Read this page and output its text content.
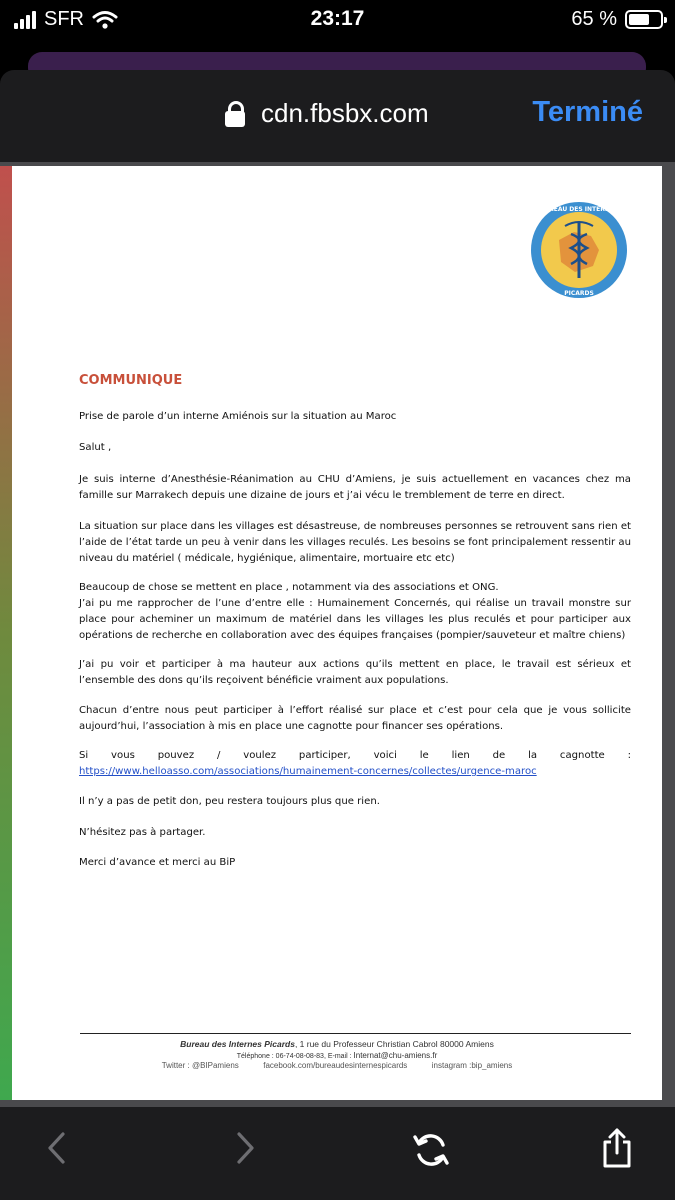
SFR	23:17	65 %
cdn.fbsbx.com	Terminé
BUREAU DES INTERNES
PICARDS
COMMUNIQUE

Prise de parole d’un interne Amiénois sur la situation au Maroc

Salut ,

Je suis interne d’Anesthésie-Réanimation au CHU d’Amiens, je suis actuellement en vacances chez ma famille sur Marrakech depuis une dizaine de jours et j’ai vécu le tremblement de terre en direct.

La situation sur place dans les villages est désastreuse, de nombreuses personnes se retrouvent sans rien et l’aide de l’état tarde un peu à venir dans les villages reculés. Les besoins se font principalement ressentir au niveau du matériel ( médicale, hygiénique, alimentaire, mortuaire etc etc)

Beaucoup de chose se mettent en place , notamment via des associations et ONG.

J’ai pu me rapprocher de l’une d’entre elle : Humainement Concernés, qui réalise un travail monstre sur place pour acheminer un maximum de matériel dans les villages les plus reculés et pour participer aux opérations de recherche en collaboration avec des équipes françaises (pompier/sauveteur et maître chiens)

J’ai pu voir et participer à ma hauteur aux actions qu’ils mettent en place, le travail est sérieux et l’ensemble des dons qu’ils reçoivent bénéficie vraiment aux populations.

Chacun d’entre nous peut participer à l’effort réalisé sur place et c’est pour cela que je vous sollicite aujourd’hui, l’association à mis en place une cagnotte pour financer ses opérations.

Si vous pouvez / voulez participer, voici le lien de la cagnotte :

https://www.helloasso.com/associations/humainement-concernes/collectes/urgence-maroc

Il n’y a pas de petit don, peu restera toujours plus que rien.

N’hésitez pas à partager.

Merci d’avance et merci au BiP

Bureau des Internes Picards, 1 rue du Professeur Christian Cabrol 80000 Amiens
Téléphone : 06-74-08-08-83, E-mail : Internat@chu-amiens.fr
Twitter : @BIPamiens	facebook.com/bureaudesinternespicards	instagram :bip_amiens
